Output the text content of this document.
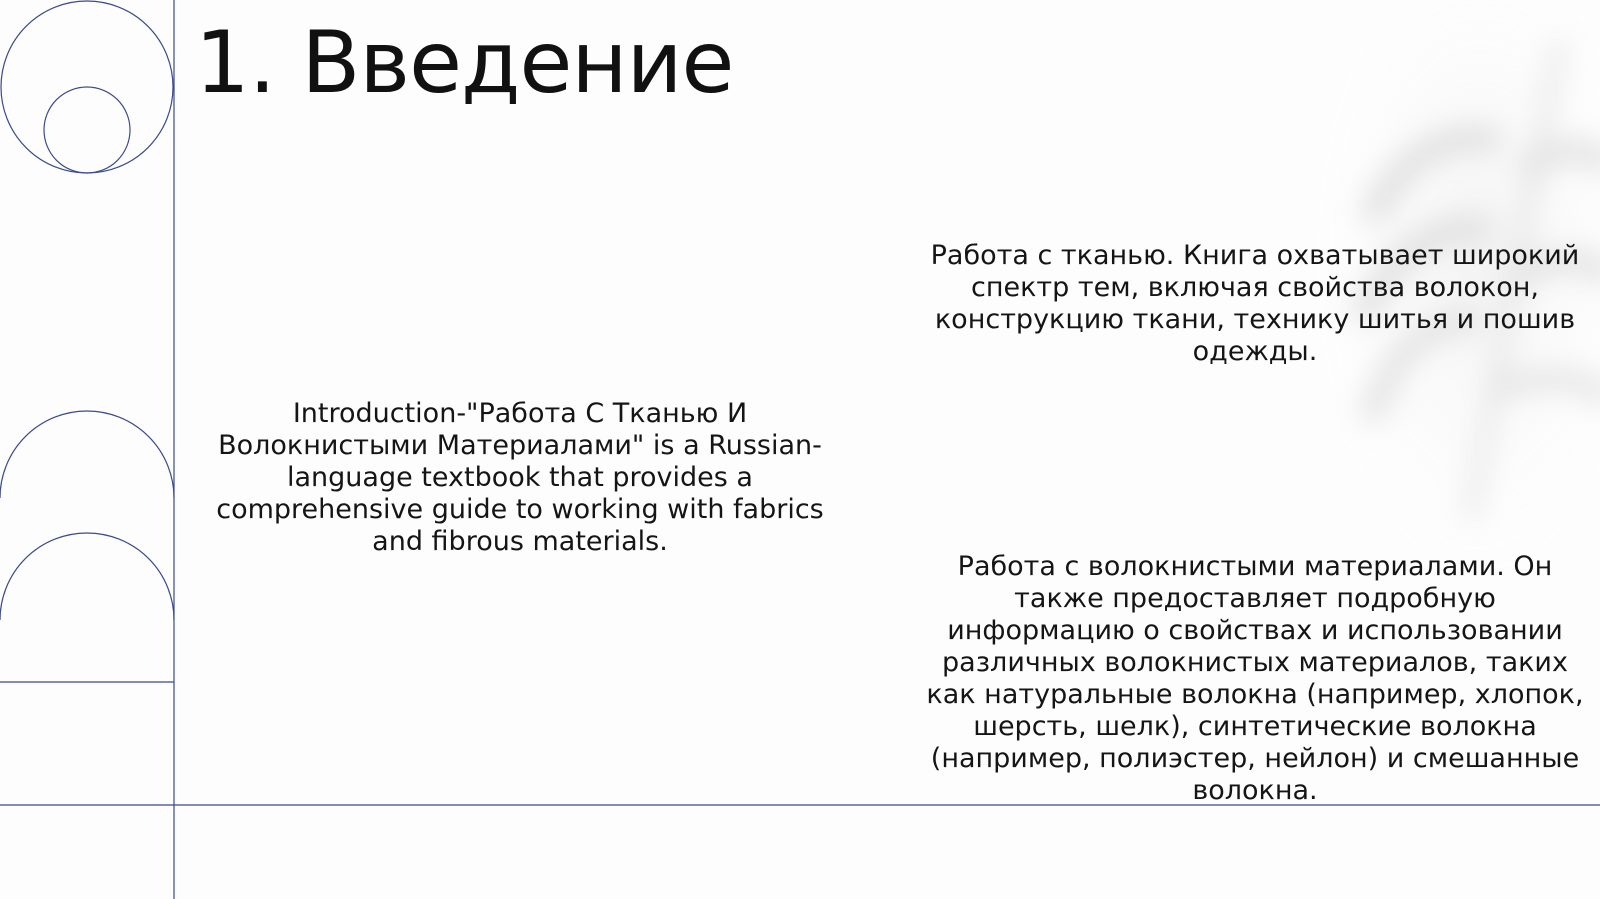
1. Введение

Introduction-"Работа С Тканью И Волокнистыми Материалами" is a Russian-language textbook that provides a comprehensive guide to working with fabrics and fibrous materials.

Работа с тканью. Книга охватывает широкий спектр тем, включая свойства волокон, конструкцию ткани, технику шитья и пошив одежды.

Работа с волокнистыми материалами. Он также предоставляет подробную информацию о свойствах и использовании различных волокнистых материалов, таких как натуральные волокна (например, хлопок, шерсть, шелк), синтетические волокна (например, полиэстер, нейлон) и смешанные волокна.
